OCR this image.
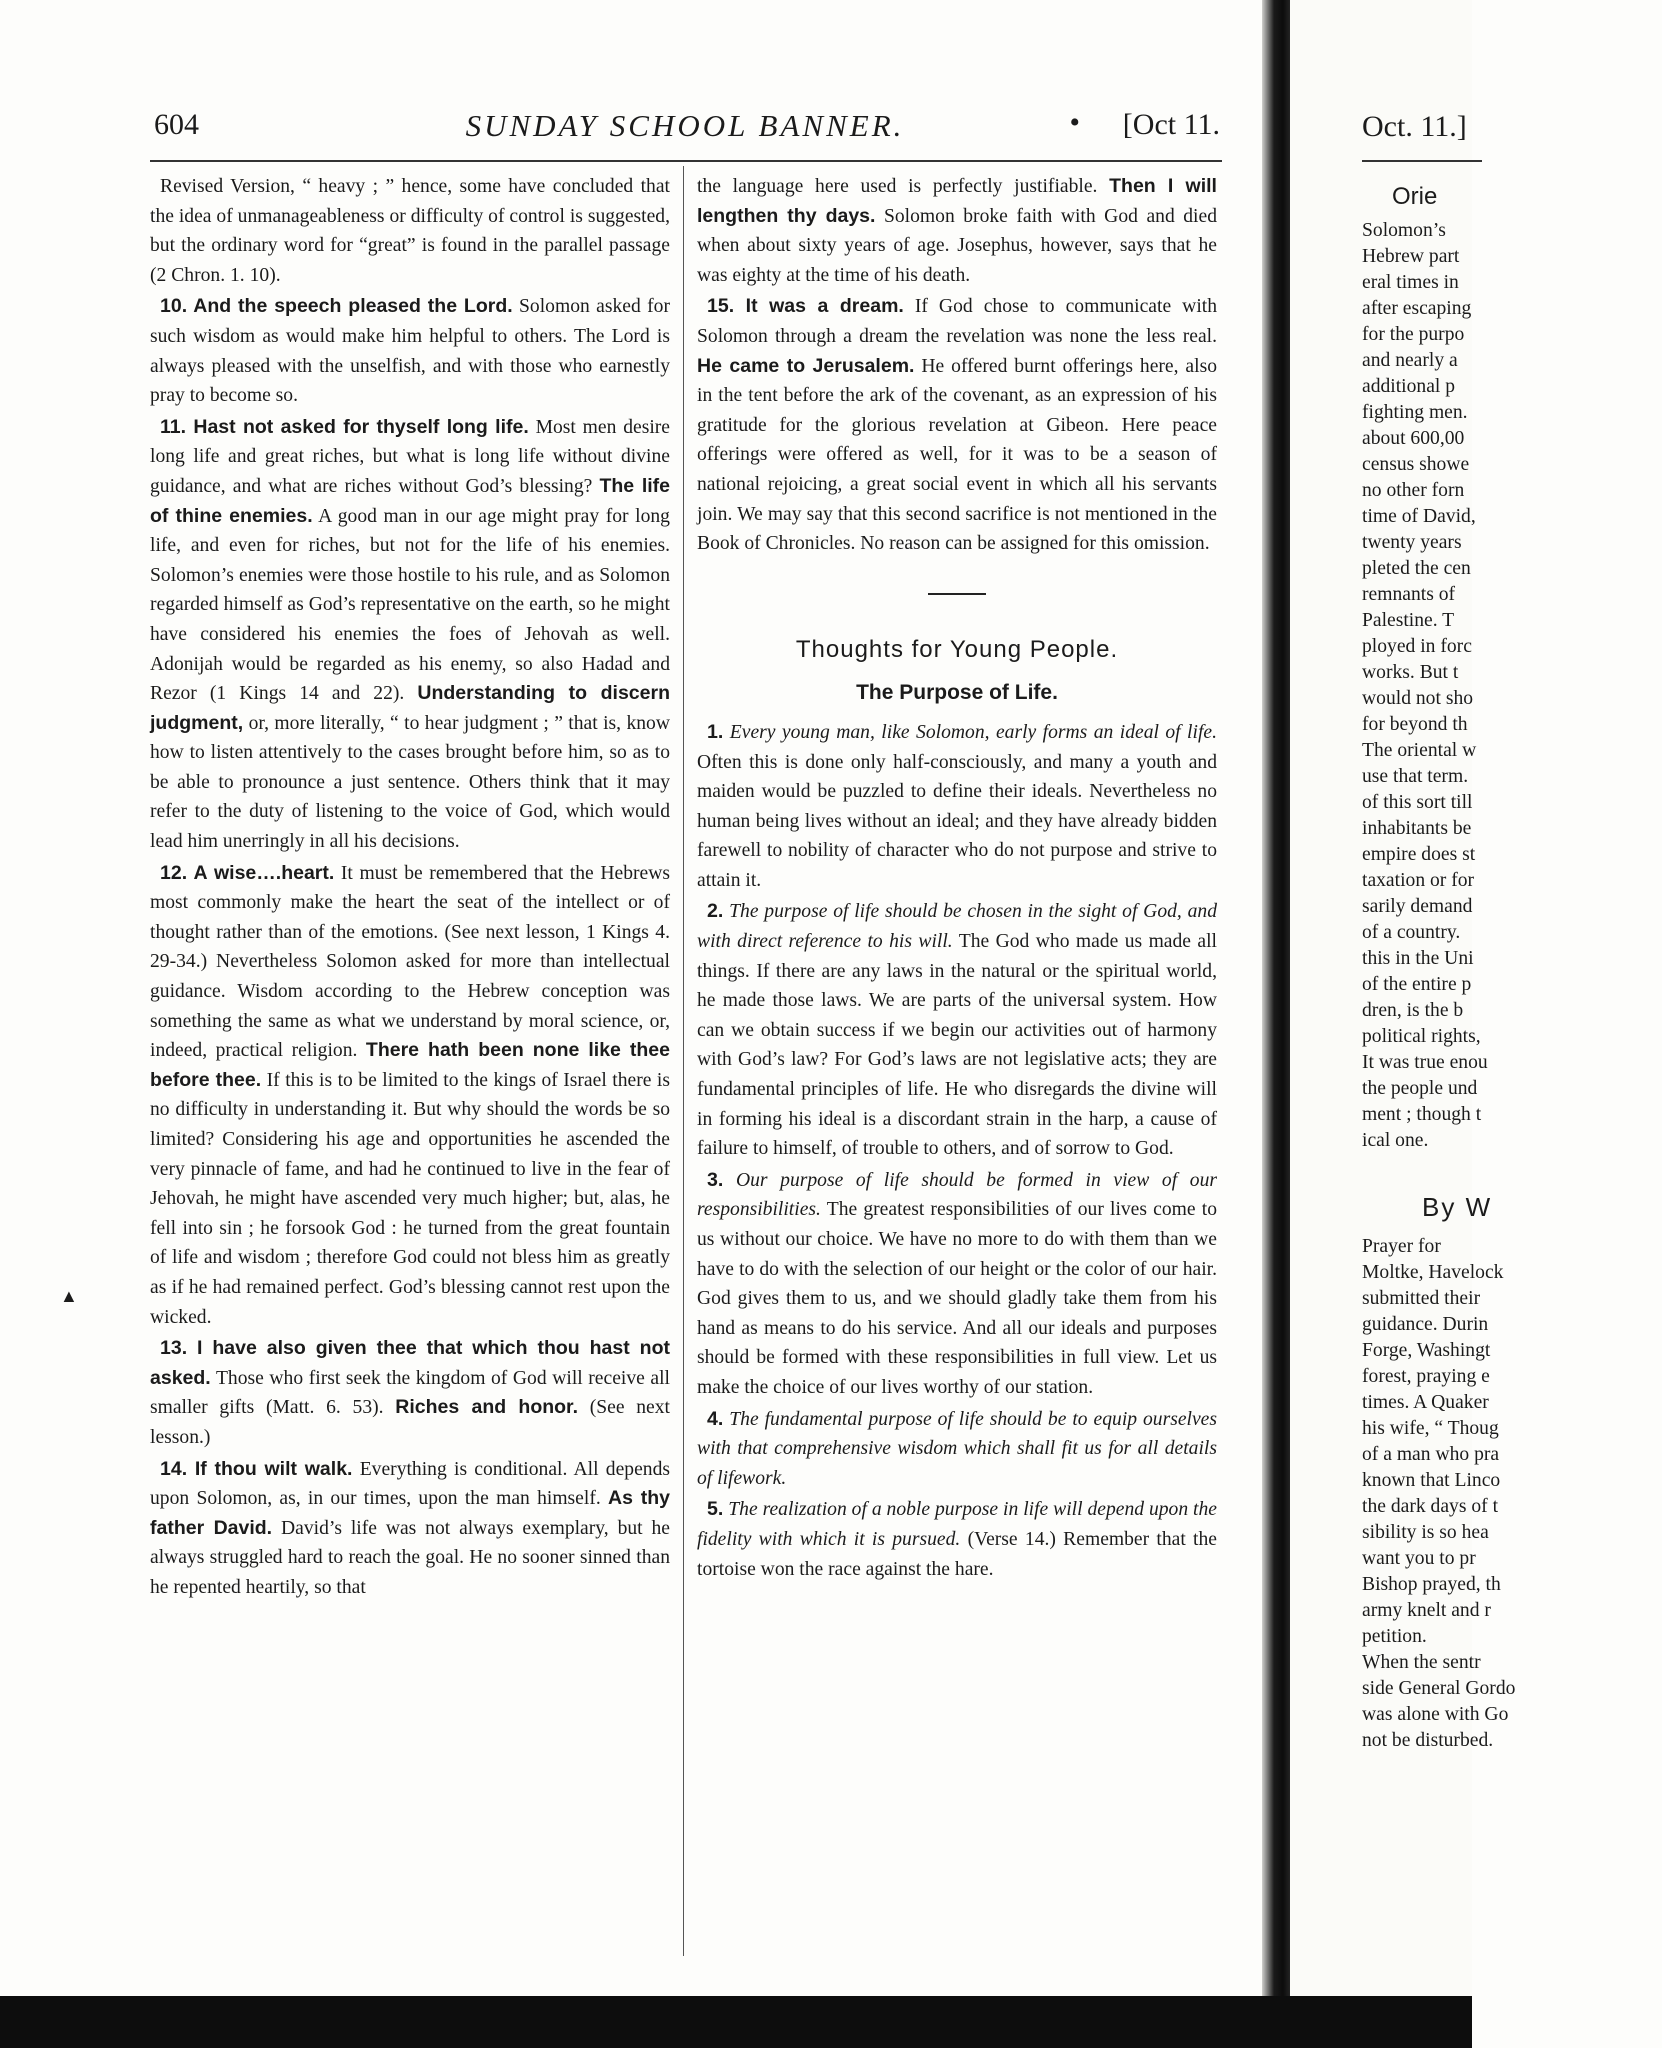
Oct. 11.]
Orie
Solomon’s
Hebrew part
eral times in
after escaping
for the purpo
and nearly a
additional p
fighting men.
about 600,00
census showe
no other forn
time of David,
twenty years
pleted the cen
remnants of
Palestine. T
ployed in forc
works. But t
would not sho
for beyond th
The oriental w
use that term.
of this sort till
inhabitants be
empire does st
taxation or for
sarily demand
of a country.
this in the Uni
of the entire p
dren, is the b
political rights,
It was true enou
the people und
ment ; though t
ical one.
By W
Prayer for
Moltke, Havelock
submitted their
guidance. Durin
Forge, Washingt
forest, praying e
times. A Quaker
his wife, “ Thoug
of a man who pra
known that Linco
the dark days of t
sibility is so hea
want you to pr
Bishop prayed, th
army knelt and r
petition.
When the sentr
side General Gordo
was alone with Go
not be disturbed.
604	SUNDAY SCHOOL BANNER.	• [Oct 11.
▲

Revised Version, “ heavy ; ” hence, some have concluded that the idea of unmanageableness or difficulty of control is suggested, but the ordinary word for “great” is found in the parallel passage (2 Chron. 1. 10).

10. And the speech pleased the Lord. Solomon asked for such wisdom as would make him helpful to others. The Lord is always pleased with the unselfish, and with those who earnestly pray to become so.

11. Hast not asked for thyself long life. Most men desire long life and great riches, but what is long life without divine guidance, and what are riches without God’s blessing? The life of thine enemies. A good man in our age might pray for long life, and even for riches, but not for the life of his enemies. Solomon’s enemies were those hostile to his rule, and as Solomon regarded himself as God’s representative on the earth, so he might have considered his enemies the foes of Jehovah as well. Adonijah would be regarded as his enemy, so also Hadad and Rezor (1 Kings 14 and 22). Understanding to discern judgment, or, more literally, “ to hear judgment ; ” that is, know how to listen attentively to the cases brought before him, so as to be able to pronounce a just sentence. Others think that it may refer to the duty of listening to the voice of God, which would lead him unerringly in all his decisions.

12. A wise….heart. It must be remembered that the Hebrews most commonly make the heart the seat of the intellect or of thought rather than of the emotions. (See next lesson, 1 Kings 4. 29-34.) Nevertheless Solomon asked for more than intellectual guidance. Wisdom according to the Hebrew conception was something the same as what we understand by moral science, or, indeed, practical religion. There hath been none like thee before thee. If this is to be limited to the kings of Israel there is no difficulty in understanding it. But why should the words be so limited? Considering his age and opportunities he ascended the very pinnacle of fame, and had he continued to live in the fear of Jehovah, he might have ascended very much higher; but, alas, he fell into sin ; he forsook God : he turned from the great fountain of life and wisdom ; therefore God could not bless him as greatly as if he had remained perfect. God’s blessing cannot rest upon the wicked.

13. I have also given thee that which thou hast not asked. Those who first seek the kingdom of God will receive all smaller gifts (Matt. 6. 53). Riches and honor. (See next lesson.)

14. If thou wilt walk. Everything is conditional. All depends upon Solomon, as, in our times, upon the man himself. As thy father David. David’s life was not always exemplary, but he always struggled hard to reach the goal. He no sooner sinned than he repented heartily, so that

the language here used is perfectly justifiable. Then I will lengthen thy days. Solomon broke faith with God and died when about sixty years of age. Josephus, however, says that he was eighty at the time of his death.

15. It was a dream. If God chose to communicate with Solomon through a dream the revelation was none the less real. He came to Jerusalem. He offered burnt offerings here, also in the tent before the ark of the covenant, as an expression of his gratitude for the glorious revelation at Gibeon. Here peace offerings were offered as well, for it was to be a season of national rejoicing, a great social event in which all his servants join. We may say that this second sacrifice is not mentioned in the Book of Chronicles. No reason can be assigned for this omission.

Thoughts for Young People.
The Purpose of Life.

1. Every young man, like Solomon, early forms an ideal of life. Often this is done only half-consciously, and many a youth and maiden would be puzzled to define their ideals. Nevertheless no human being lives without an ideal; and they have already bidden farewell to nobility of character who do not purpose and strive to attain it.

2. The purpose of life should be chosen in the sight of God, and with direct reference to his will. The God who made us made all things. If there are any laws in the natural or the spiritual world, he made those laws. We are parts of the universal system. How can we obtain success if we begin our activities out of harmony with God’s law? For God’s laws are not legislative acts; they are fundamental principles of life. He who disregards the divine will in forming his ideal is a discordant strain in the harp, a cause of failure to himself, of trouble to others, and of sorrow to God.

3. Our purpose of life should be formed in view of our responsibilities. The greatest responsibilities of our lives come to us without our choice. We have no more to do with them than we have to do with the selection of our height or the color of our hair. God gives them to us, and we should gladly take them from his hand as means to do his service. And all our ideals and purposes should be formed with these responsibilities in full view. Let us make the choice of our lives worthy of our station.

4. The fundamental purpose of life should be to equip ourselves with that comprehensive wisdom which shall fit us for all details of lifework.

5. The realization of a noble purpose in life will depend upon the fidelity with which it is pursued. (Verse 14.) Remember that the tortoise won the race against the hare.
